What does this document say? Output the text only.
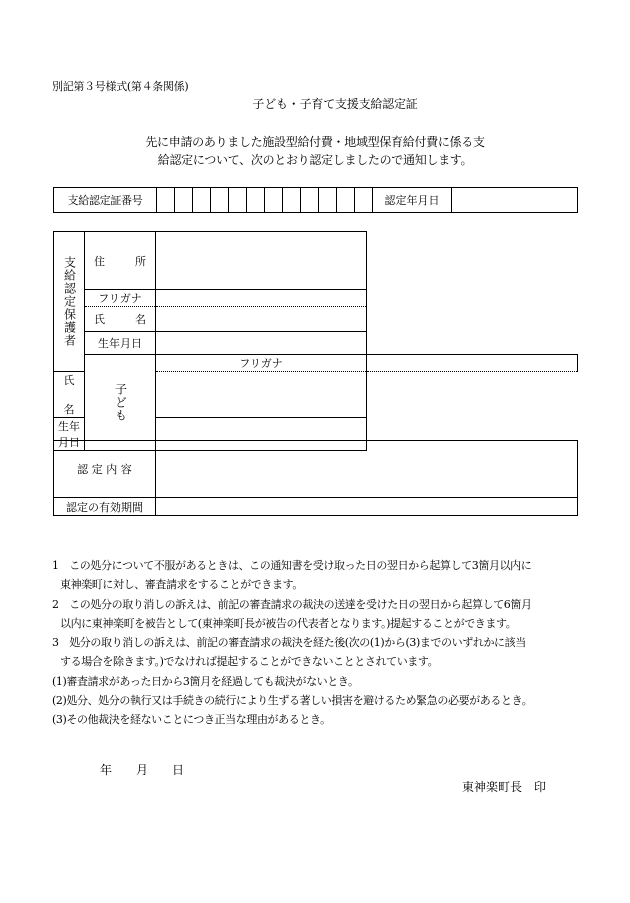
別記第３号様式(第４条関係)
子ども・子育て支援支給認定証
先に申請のありました施設型給付費・地域型保育給付費に係る支
給認定について、次のとおり認定しましたので通知します。
支給認定証番号													認定年月日	
支給認定保護者	住 所		
	フリガナ		
	氏 名		
	生年月日		

	子ども	フリガナ	
氏名			
生年月日			
認 定 内 容	
認定の有効期間	

1　この処分について不服があるときは、この通知書を受け取った日の翌日から起算して3箇月以内に

東神楽町に対し、審査請求をすることができます。

2　この処分の取り消しの訴えは、前記の審査請求の裁決の送達を受けた日の翌日から起算して6箇月

以内に東神楽町を被告として(東神楽町長が被告の代表者となります。)提起することができます。

3　処分の取り消しの訴えは、前記の審査請求の裁決を経た後(次の(1)から(3)までのいずれかに該当

する場合を除きます。)でなければ提起することができないこととされています。

(1)審査請求があった日から3箇月を経過しても裁決がないとき。

(2)処分、処分の執行又は手続きの続行により生ずる著しい損害を避けるため緊急の必要があるとき。

(3)その他裁決を経ないことにつき正当な理由があるとき。

年 月 日
東神楽町長　印
